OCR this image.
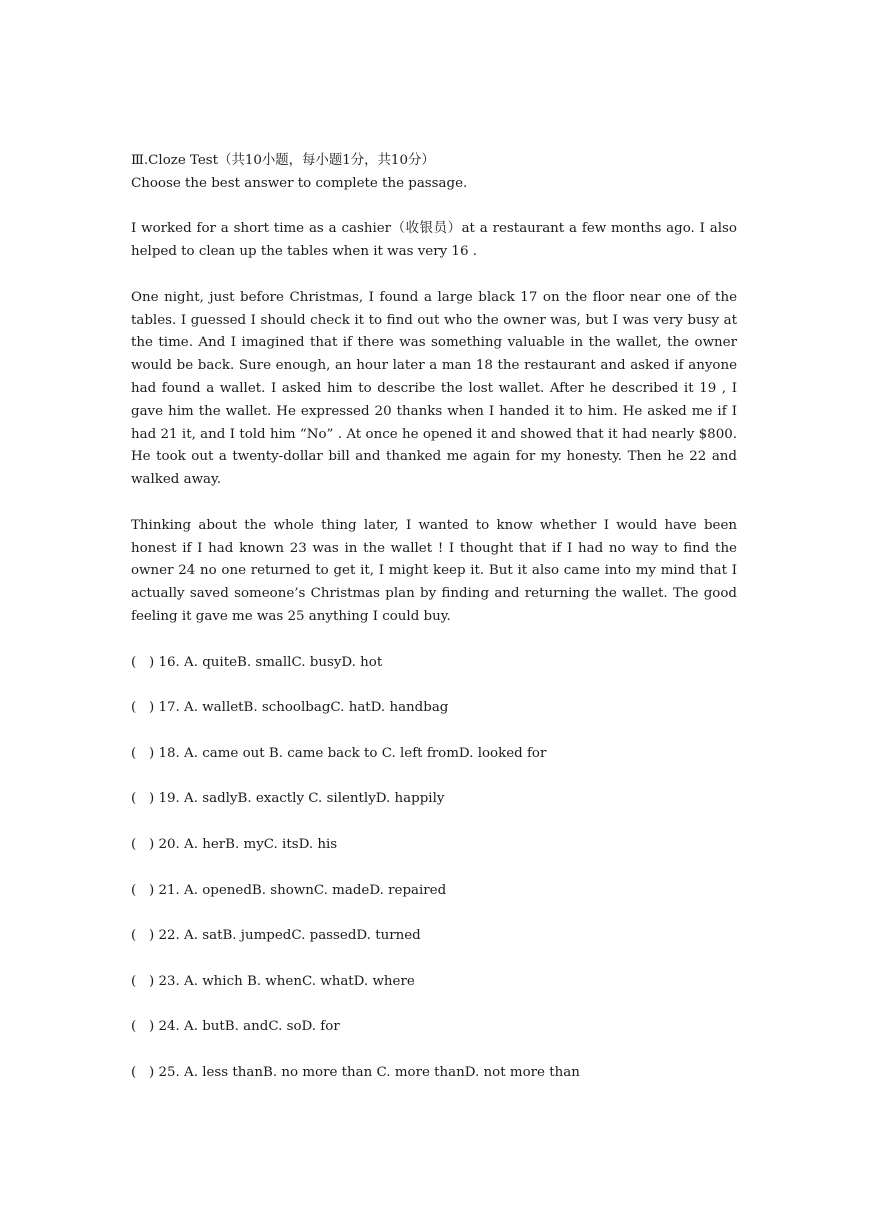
Ⅲ.Cloze Test（共10小题，每小题1分，共10分）
Choose the best answer to complete the passage.

I worked for a short time as a cashier（收银员）at a restaurant a few months ago. I also helped to clean up the tables when it was very 16 .

One night, just before Christmas, I found a large black 17 on the floor near one of the tables. I guessed I should check it to find out who the owner was, but I was very busy at the time. And I imagined that if there was something valuable in the wallet, the owner would be back. Sure enough, an hour later a man 18 the restaurant and asked if anyone had found a wallet. I asked him to describe the lost wallet. After he described it 19 , I gave him the wallet. He expressed 20 thanks when I handed it to him. He asked me if I had 21 it, and I told him “No” . At once he opened it and showed that it had nearly $800. He took out a twenty-dollar bill and thanked me again for my honesty. Then he 22 and walked away.

Thinking about the whole thing later, I wanted to know whether I would have been honest if I had known 23 was in the wallet ! I thought that if I had no way to find the owner 24 no one returned to get it, I might keep it. But it also came into my mind that I actually saved someone’s Christmas plan by finding and returning the wallet. The good feeling it gave me was 25 anything I could buy.

(   ) 16. A. quiteB. smallC. busyD. hot
(   ) 17. A. walletB. schoolbagC. hatD. handbag
(   ) 18. A. came out B. came back to C. left fromD. looked for
(   ) 19. A. sadlyB. exactly C. silentlyD. happily
(   ) 20. A. herB. myC. itsD. his
(   ) 21. A. openedB. shownC. madeD. repaired
(   ) 22. A. satB. jumpedC. passedD. turned
(   ) 23. A. which B. whenC. whatD. where
(   ) 24. A. butB. andC. soD. for
(   ) 25. A. less thanB. no more than C. more thanD. not more than
